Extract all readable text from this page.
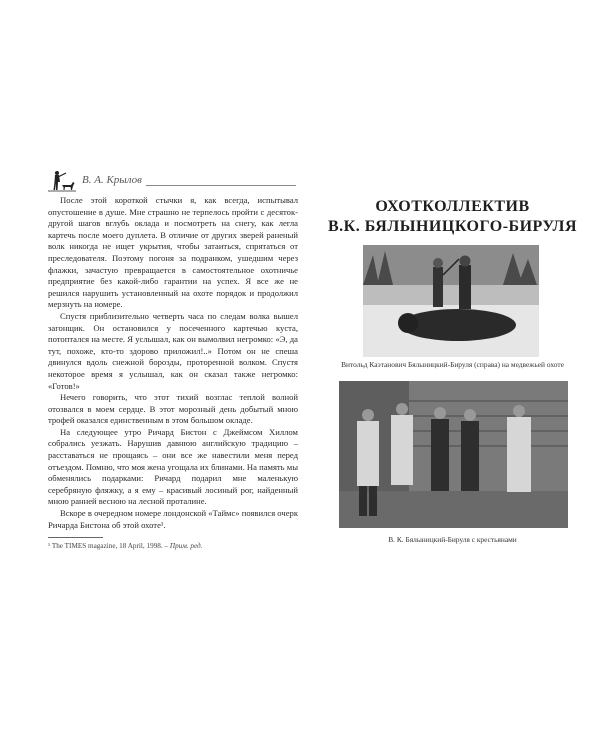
В. А. Крылов

После этой короткой стычки я, как всегда, испытывал опустошение в душе. Мне страшно не терпелось пройти с десяток-другой шагов вглубь оклада и посмотреть на снегу, как легла картечь после моего дуплета. В отличие от других зверей раненый волк никогда не ищет укрытия, чтобы затаиться, спрятаться от преследователя. Поэтому погоня за подранком, ушедшим через флажки, зачастую превращается в самостоятельное охотничье предприятие без какой-либо гарантии на успех. Я все же не решился нарушить установленный на охоте порядок и продолжил мерзнуть на номере.

Спустя приблизительно четверть часа по следам волка вышел загонщик. Он остановился у посеченного картечью куста, потоптался на месте. Я услышал, как он вымолвил негромко: «Э, да тут, похоже, кто-то здорово приложил!..» Потом он не спеша двинулся вдоль снежной борозды, проторенной волком. Спустя некоторое время я услышал, как он сказал также негромко: «Готов!»

Нечего говорить, что этот тихий возглас теплой волной отозвался в моем сердце. В этот морозный день добытый мною трофей оказался единственным в этом большом окладе.

На следующее утро Ричард Бистон с Джеймсом Хиллом собрались уезжать. Нарушив давнюю английскую традицию – расставаться не прощаясь – они все же навестили меня перед отъездом. Помню, что моя жена угощала их блинами. На память мы обменялись подарками: Ричард подарил мне маленькую серебряную фляжку, а я ему – красивый лосиный рог, найденный мною ранней весною на лесной проталине.

Вскоре в очередном номере лондонской «Таймс» появился очерк Ричарда Бистона об этой охоте¹.

¹ The TIMES magazine, 18 April, 1998. – Прим. ред.
ОХОТКОЛЛЕКТИВ
В.К. БЯЛЫНИЦКОГО-БИРУЛЯ
Витольд Каэтанович Бялыницкий-Бируля (справа) на медвежьей охоте
В. К. Бялыницкий-Бируля с крестьянами
